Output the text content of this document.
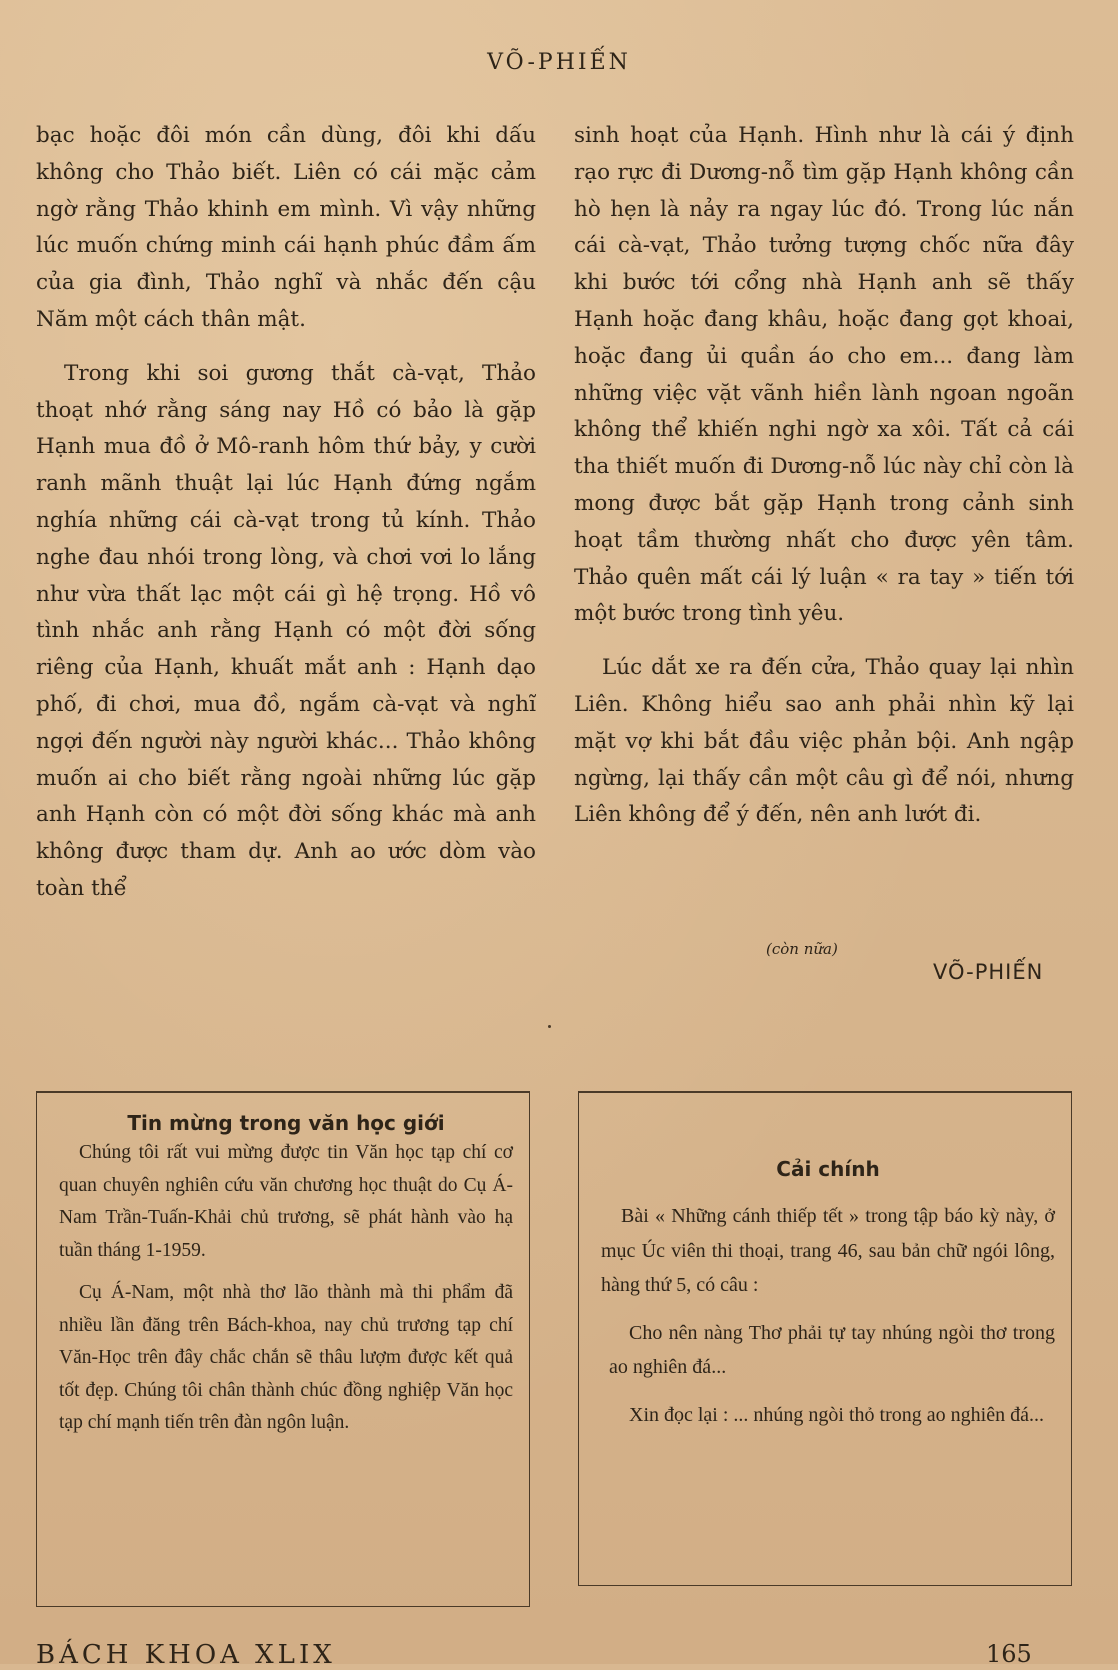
VÕ-PHIẾN

bạc hoặc đôi món cần dùng, đôi khi dấu không cho Thảo biết. Liên có cái mặc cảm ngờ rằng Thảo khinh em mình. Vì vậy những lúc muốn chứng minh cái hạnh phúc đầm ấm của gia đình, Thảo nghĩ và nhắc đến cậu Năm một cách thân mật.

Trong khi soi gương thắt cà-vạt, Thảo thoạt nhớ rằng sáng nay Hồ có bảo là gặp Hạnh mua đồ ở Mô-ranh hôm thứ bảy, y cười ranh mãnh thuật lại lúc Hạnh đứng ngắm nghía những cái cà-vạt trong tủ kính. Thảo nghe đau nhói trong lòng, và chơi vơi lo lắng như vừa thất lạc một cái gì hệ trọng. Hồ vô tình nhắc anh rằng Hạnh có một đời sống riêng của Hạnh, khuất mắt anh : Hạnh dạo phố, đi chơi, mua đồ, ngắm cà-vạt và nghĩ ngợi đến người này người khác... Thảo không muốn ai cho biết rằng ngoài những lúc gặp anh Hạnh còn có một đời sống khác mà anh không được tham dự. Anh ao ước dòm vào toàn thể

sinh hoạt của Hạnh. Hình như là cái ý định rạo rực đi Dương-nỗ tìm gặp Hạnh không cần hò hẹn là nảy ra ngay lúc đó. Trong lúc nắn cái cà-vạt, Thảo tưởng tượng chốc nữa đây khi bước tới cổng nhà Hạnh anh sẽ thấy Hạnh hoặc đang khâu, hoặc đang gọt khoai, hoặc đang ủi quần áo cho em... đang làm những việc vặt vãnh hiền lành ngoan ngoãn không thể khiến nghi ngờ xa xôi. Tất cả cái tha thiết muốn đi Dương-nỗ lúc này chỉ còn là mong được bắt gặp Hạnh trong cảnh sinh hoạt tầm thường nhất cho được yên tâm. Thảo quên mất cái lý luận « ra tay » tiến tới một bước trong tình yêu.

Lúc dắt xe ra đến cửa, Thảo quay lại nhìn Liên. Không hiểu sao anh phải nhìn kỹ lại mặt vợ khi bắt đầu việc phản bội. Anh ngập ngừng, lại thấy cần một câu gì để nói, nhưng Liên không để ý đến, nên anh lướt đi.

(còn nữa)
VÕ-PHIẾN
Tin mừng trong văn học giới

Chúng tôi rất vui mừng được tin Văn học tạp chí cơ quan chuyên nghiên cứu văn chương học thuật do Cụ Á-Nam Trần-Tuấn-Khải chủ trương, sẽ phát hành vào hạ tuần tháng 1-1959.

Cụ Á-Nam, một nhà thơ lão thành mà thi phẩm đã nhiều lần đăng trên Bách-khoa, nay chủ trương tạp chí Văn-Học trên đây chắc chắn sẽ thâu lượm được kết quả tốt đẹp. Chúng tôi chân thành chúc đồng nghiệp Văn học tạp chí mạnh tiến trên đàn ngôn luận.

Cải chính

Bài « Những cánh thiếp tết » trong tập báo kỳ này, ở mục Úc viên thi thoại, trang 46, sau bản chữ ngói lông, hàng thứ 5, có câu :

Cho nên nàng Thơ phải tự tay nhúng ngòi thơ trong ao nghiên đá...

Xin đọc lại : ... nhúng ngòi thỏ trong ao nghiên đá...

BÁCH KHOA XLIX	165
